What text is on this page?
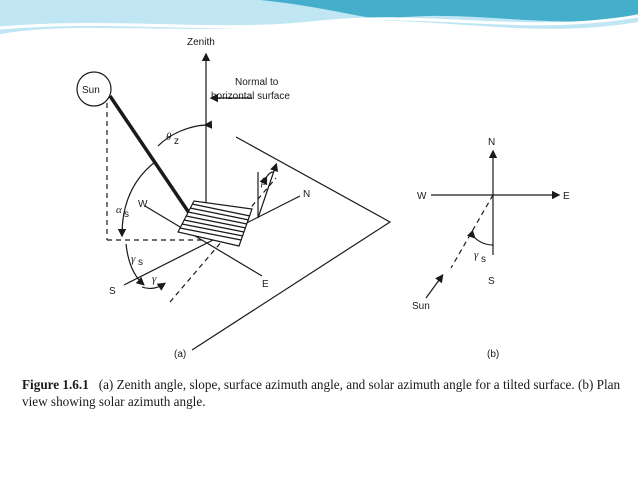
Zenith
Normal to
horizontal surface
Sun
θ z
α s
γ s
γ
β
N
S
E
W
(a)
N
S
E
W
γ s
Sun
(b)

Figure 1.6.1 (a) Zenith angle, slope, surface azimuth angle, and solar azimuth angle for a tilted surface. (b) Plan view showing solar azimuth angle.
